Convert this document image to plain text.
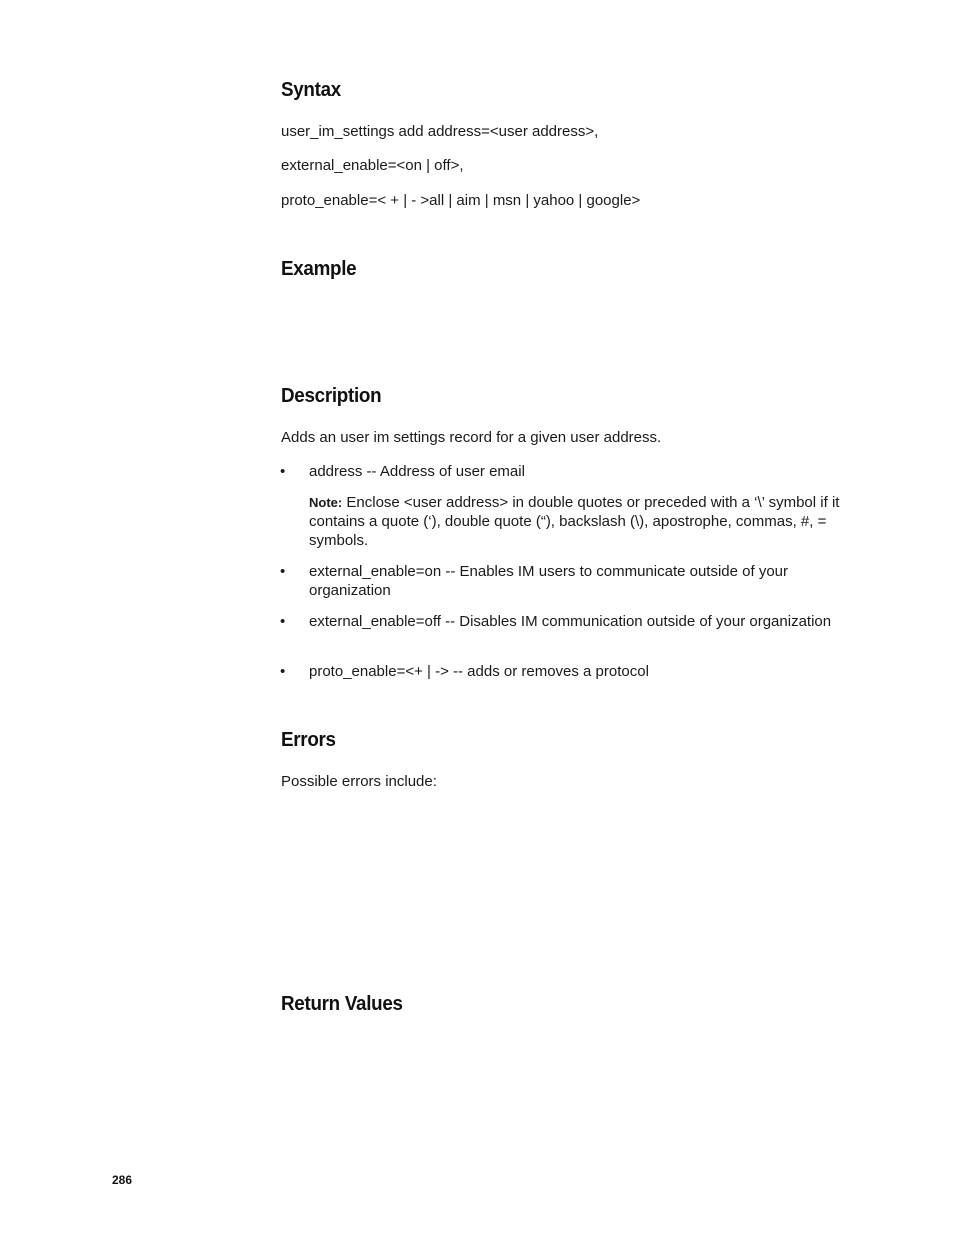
Syntax

user_im_settings add address=<user address>,

external_enable=<on | off>,

proto_enable=< + | - >all | aim | msn | yahoo | google>

Example
Description

Adds an user im settings record for a given user address.

• address -- Address of user email
Note: Enclose <user address> in double quotes or preceded with a ‘\’ symbol if it contains a quote (‘), double quote (“), backslash (\), apostrophe, commas, #, = symbols.
• external_enable=on -- Enables IM users to communicate outside of your organization
• external_enable=off -- Disables IM communication outside of your organization
• proto_enable=<+ | -> -- adds or removes a protocol
Errors

Possible errors include:

Return Values
286
